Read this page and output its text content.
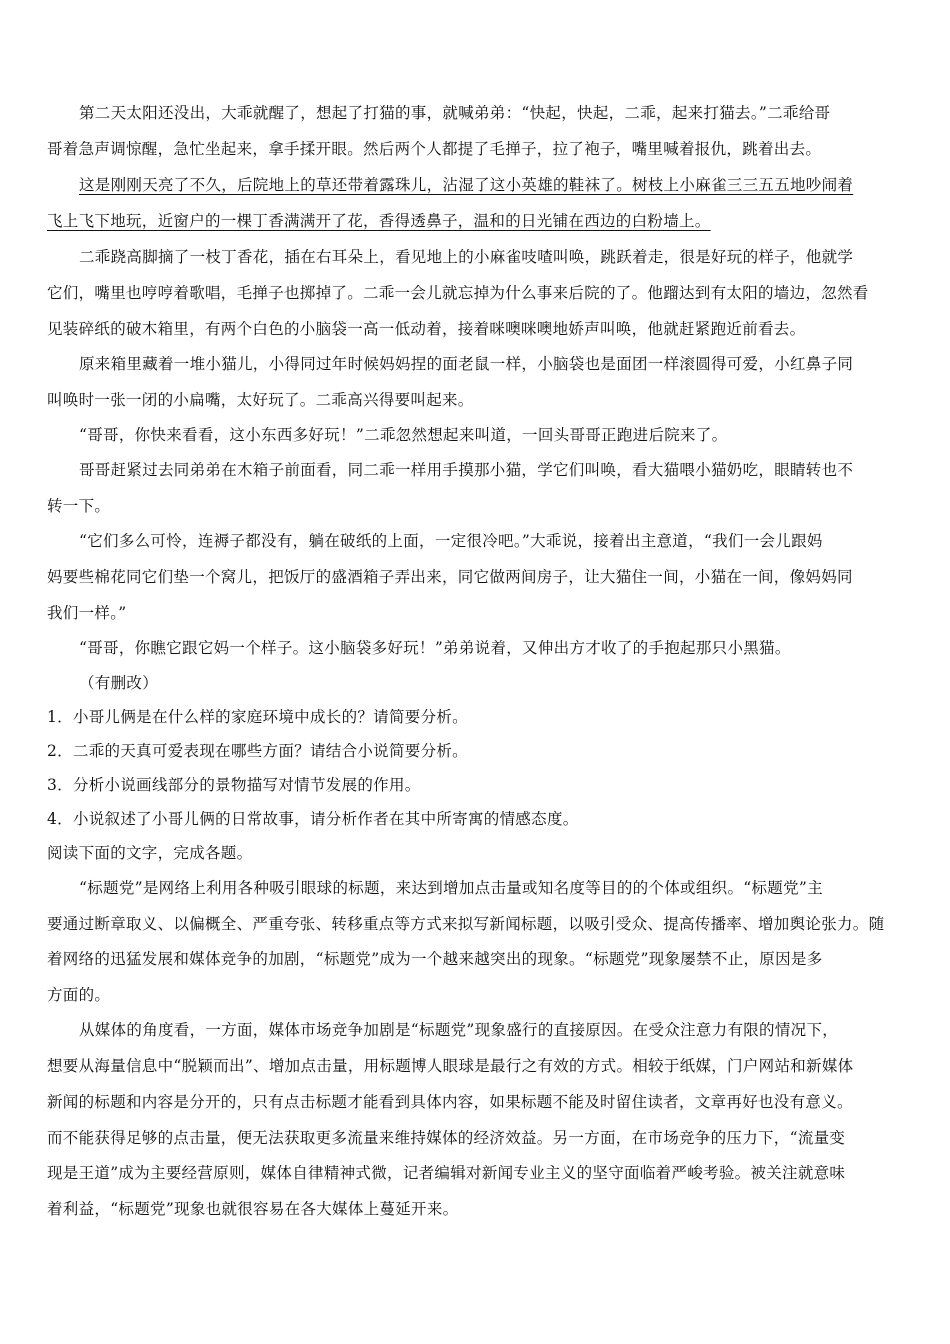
第二天太阳还没出，大乖就醒了，想起了打猫的事，就喊弟弟：“快起，快起，二乖，起来打猫去。”二乖给哥
哥着急声调惊醒，急忙坐起来，拿手揉开眼。然后两个人都提了毛掸子，拉了袍子，嘴里喊着报仇，跳着出去。
这是刚刚天亮了不久，后院地上的草还带着露珠儿，沾湿了这小英雄的鞋袜了。树枝上小麻雀三三五五地吵闹着
飞上飞下地玩，近窗户的一棵丁香满满开了花，香得透鼻子，温和的日光铺在西边的白粉墙上。
二乖跷高脚摘了一枝丁香花，插在右耳朵上，看见地上的小麻雀吱喳叫唤，跳跃着走，很是好玩的样子，他就学
它们，嘴里也哼哼着歌唱，毛掸子也掷掉了。二乖一会儿就忘掉为什么事来后院的了。他蹓达到有太阳的墙边，忽然看
见装碎纸的破木箱里，有两个白色的小脑袋一高一低动着，接着咪噢咪噢地娇声叫唤，他就赶紧跑近前看去。
原来箱里藏着一堆小猫儿，小得同过年时候妈妈捏的面老鼠一样，小脑袋也是面团一样滚圆得可爱，小红鼻子同
叫唤时一张一闭的小扁嘴，太好玩了。二乖高兴得要叫起来。
“哥哥，你快来看看，这小东西多好玩！”二乖忽然想起来叫道，一回头哥哥正跑进后院来了。
哥哥赶紧过去同弟弟在木箱子前面看，同二乖一样用手摸那小猫，学它们叫唤，看大猫喂小猫奶吃，眼睛转也不
转一下。
“它们多么可怜，连褥子都没有，躺在破纸的上面，一定很冷吧。”大乖说，接着出主意道，“我们一会儿跟妈
妈要些棉花同它们垫一个窝儿，把饭厅的盛酒箱子弄出来，同它做两间房子，让大猫住一间，小猫在一间，像妈妈同
我们一样。”
“哥哥，你瞧它跟它妈一个样子。这小脑袋多好玩！”弟弟说着，又伸出方才收了的手抱起那只小黑猫。
（有删改）
1．小哥儿俩是在什么样的家庭环境中成长的？请简要分析。
2．二乖的天真可爱表现在哪些方面？请结合小说简要分析。
3．分析小说画线部分的景物描写对情节发展的作用。
4．小说叙述了小哥儿俩的日常故事，请分析作者在其中所寄寓的情感态度。
阅读下面的文字，完成各题。
“标题党”是网络上利用各种吸引眼球的标题，来达到增加点击量或知名度等目的的个体或组织。“标题党”主
要通过断章取义、以偏概全、严重夸张、转移重点等方式来拟写新闻标题，以吸引受众、提高传播率、增加舆论张力。随
着网络的迅猛发展和媒体竞争的加剧，“标题党”成为一个越来越突出的现象。“标题党”现象屡禁不止，原因是多
方面的。
从媒体的角度看，一方面，媒体市场竞争加剧是“标题党”现象盛行的直接原因。在受众注意力有限的情况下，
想要从海量信息中“脱颖而出”、增加点击量，用标题博人眼球是最行之有效的方式。相较于纸媒，门户网站和新媒体
新闻的标题和内容是分开的，只有点击标题才能看到具体内容，如果标题不能及时留住读者，文章再好也没有意义。
而不能获得足够的点击量，便无法获取更多流量来维持媒体的经济效益。另一方面，在市场竞争的压力下，“流量变
现是王道”成为主要经营原则，媒体自律精神式微，记者编辑对新闻专业主义的坚守面临着严峻考验。被关注就意味
着利益，“标题党”现象也就很容易在各大媒体上蔓延开来。
